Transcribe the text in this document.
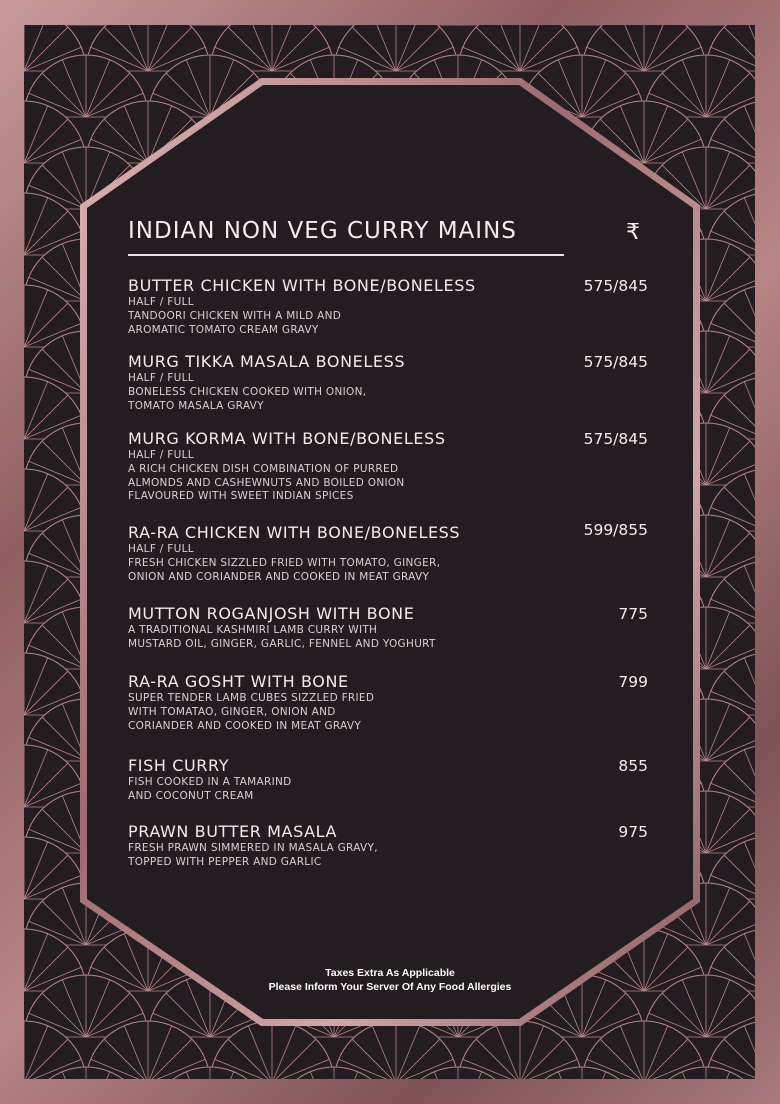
INDIAN NON VEG CURRY MAINS	₹
BUTTER CHICKEN WITH BONE/BONELESS
HALF / FULL
TANDOORI CHICKEN WITH A MILD AND
AROMATIC TOMATO CREAM GRAVY
575/845
MURG TIKKA MASALA BONELESS
HALF / FULL
BONELESS CHICKEN COOKED WITH ONION,
TOMATO MASALA GRAVY
575/845
MURG KORMA WITH BONE/BONELESS
HALF / FULL
A RICH CHICKEN DISH COMBINATION OF PURRED
ALMONDS AND CASHEWNUTS AND BOILED ONION
FLAVOURED WITH SWEET INDIAN SPICES
575/845
RA-RA CHICKEN WITH BONE/BONELESS
HALF / FULL
FRESH CHICKEN SIZZLED FRIED WITH TOMATO, GINGER,
ONION AND CORIANDER AND COOKED IN MEAT GRAVY
599/855
MUTTON ROGANJOSH WITH BONE
A TRADITIONAL KASHMIRI LAMB CURRY WITH
MUSTARD OIL, GINGER, GARLIC, FENNEL AND YOGHURT
775
RA-RA GOSHT WITH BONE
SUPER TENDER LAMB CUBES SIZZLED FRIED
WITH TOMATAO, GINGER, ONION AND
CORIANDER AND COOKED IN MEAT GRAVY
799
FISH CURRY
FISH COOKED IN A TAMARIND
AND COCONUT CREAM
855
PRAWN BUTTER MASALA
FRESH PRAWN SIMMERED IN MASALA GRAVY,
TOPPED WITH PEPPER AND GARLIC
975
Taxes Extra As Applicable
Please Inform Your Server Of Any Food Allergies
